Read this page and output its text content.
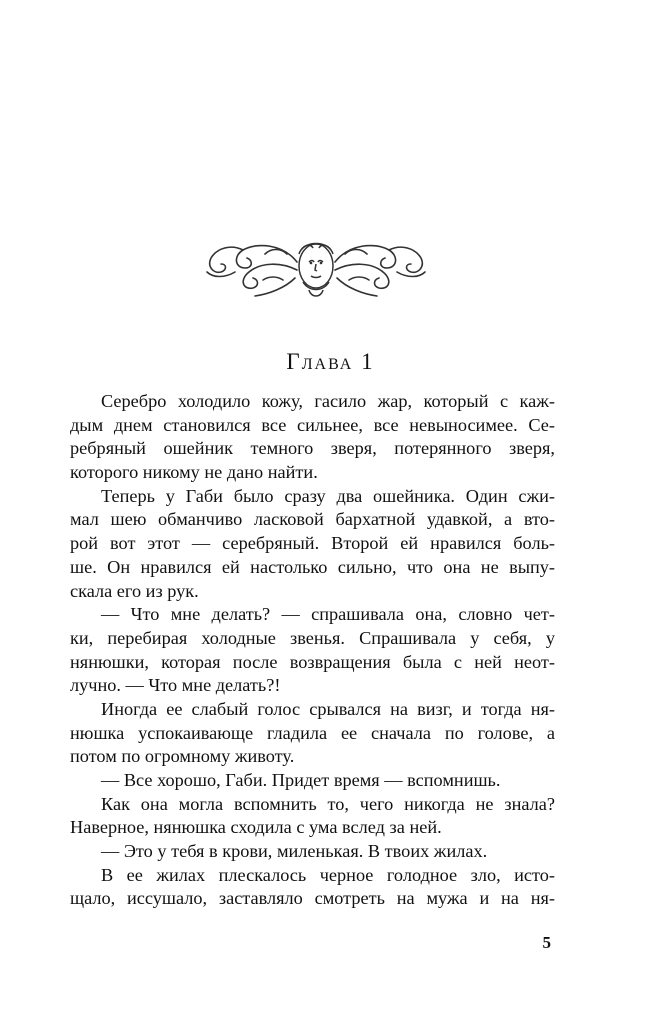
Глава 1
Серебро холодило кожу, гасило жар, который с каж-
дым днем становился все сильнее, все невыносимее. Се-
ребряный ошейник темного зверя, потерянного зверя,
которого никому не дано найти.
Теперь у Габи было сразу два ошейника. Один сжи-
мал шею обманчиво ласковой бархатной удавкой, а вто-
рой вот этот — серебряный. Второй ей нравился боль-
ше. Он нравился ей настолько сильно, что она не выпу-
скала его из рук.
— Что мне делать? — спрашивала она, словно чет-
ки, перебирая холодные звенья. Спрашивала у себя, у
нянюшки, которая после возвращения была с ней неот-
лучно. — Что мне делать?!
Иногда ее слабый голос срывался на визг, и тогда ня-
нюшка успокаивающе гладила ее сначала по голове, а
потом по огромному животу.
— Все хорошо, Габи. Придет время — вспомнишь.
Как она могла вспомнить то, чего никогда не знала?
Наверное, нянюшка сходила с ума вслед за ней.
— Это у тебя в крови, миленькая. В твоих жилах.
В ее жилах плескалось черное голодное зло, исто-
щало, иссушало, заставляло смотреть на мужа и на ня-
5
